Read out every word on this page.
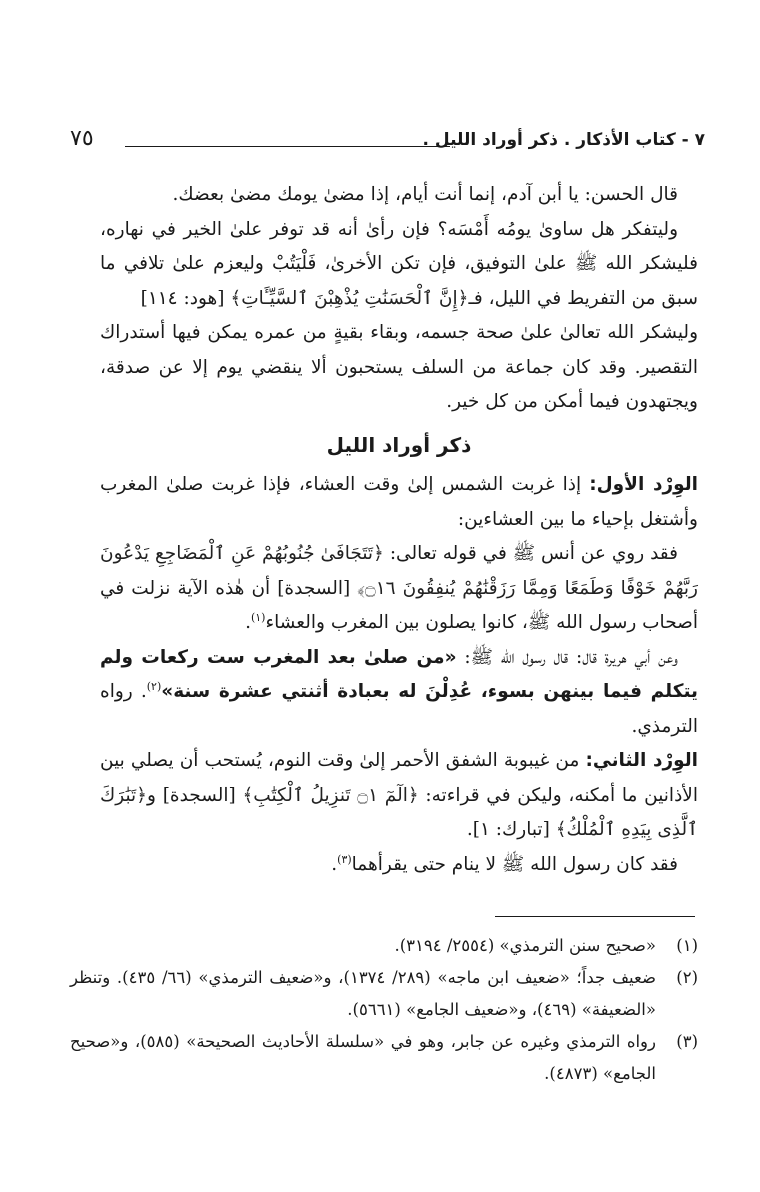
٧ - كتاب الأذكار . ذكر أوراد الليل .
٧٥

قال الحسن: يا أبن آدم، إنما أنت أيام، إذا مضىٰ يومك مضىٰ بعضك.

وليتفكر هل ساوىٰ يومُه أَمْسَه؟ فإن رأىٰ أنه قد توفر علىٰ الخير في نهاره، فليشكر الله ﷺ علىٰ التوفيق، فإن تكن الأخرىٰ، فَلْيَتُبْ وليعزم علىٰ تلافي ما سبق من التفريط في الليل، فـ﴿إِنَّ ٱلْحَسَنَٰتِ يُذْهِبْنَ ٱلسَّيِّـَٔاتِ﴾ [هود: ١١٤]

وليشكر الله تعالىٰ علىٰ صحة جسمه، وبقاء بقيةٍ من عمره يمكن فيها أستدراك التقصير. وقد كان جماعة من السلف يستحبون ألا ينقضي يوم إلا عن صدقة، ويجتهدون فيما أمكن من كل خير.

ذكر أوراد الليل

الوِرْد الأول: إذا غربت الشمس إلىٰ وقت العشاء، فإذا غربت صلىٰ المغرب وأشتغل بإحياء ما بين العشاءين:

فقد روي عن أنس ﷺ في قوله تعالى: ﴿تَتَجَافَىٰ جُنُوبُهُمْ عَنِ ٱلْمَضَاجِعِ يَدْعُونَ رَبَّهُمْ خَوْفًا وَطَمَعًا وَمِمَّا رَزَقْنَٰهُمْ يُنفِقُونَ ۝١٦﴾ [السجدة] أن هٰذه الآية نزلت في أصحاب رسول الله ﷺ، كانوا يصلون بين المغرب والعشاء$^{(١)}$.

وعن أبي هريرة قال: قال رسول الله ﷺ: «من صلىٰ بعد المغرب ست ركعات ولم يتكلم فيما بينهن بسوء، عُدِلْنَ له بعبادة أثنتي عشرة سنة»$^{(٢)}$. رواه الترمذي.

الوِرْد الثاني: من غيبوبة الشفق الأحمر إلىٰ وقت النوم، يُستحب أن يصلي بين الأذانين ما أمكنه، وليكن في قراءته: ﴿الٓمٓ ۝١ تَنزِيلُ ٱلْكِتَٰبِ﴾ [السجدة] و﴿تَبَٰرَكَ ٱلَّذِى بِيَدِهِ ٱلْمُلْكُ﴾ [تبارك: ١].

فقد كان رسول الله ﷺ لا ينام حتى يقرأهما$^{(٣)}$.

(١)
«صحيح سنن الترمذي» (٢٥٥٤/ ٣١٩٤).
(٢)
ضعيف جداً؛ «ضعيف ابن ماجه» (٢٨٩/ ١٣٧٤)، و«ضعيف الترمذي» (٦٦/ ٤٣٥). وتنظر «الضعيفة» (٤٦٩)، و«ضعيف الجامع» (٥٦٦١).
(٣)
رواه الترمذي وغيره عن جابر، وهو في «سلسلة الأحاديث الصحيحة» (٥٨٥)، و«صحيح الجامع» (٤٨٧٣).
